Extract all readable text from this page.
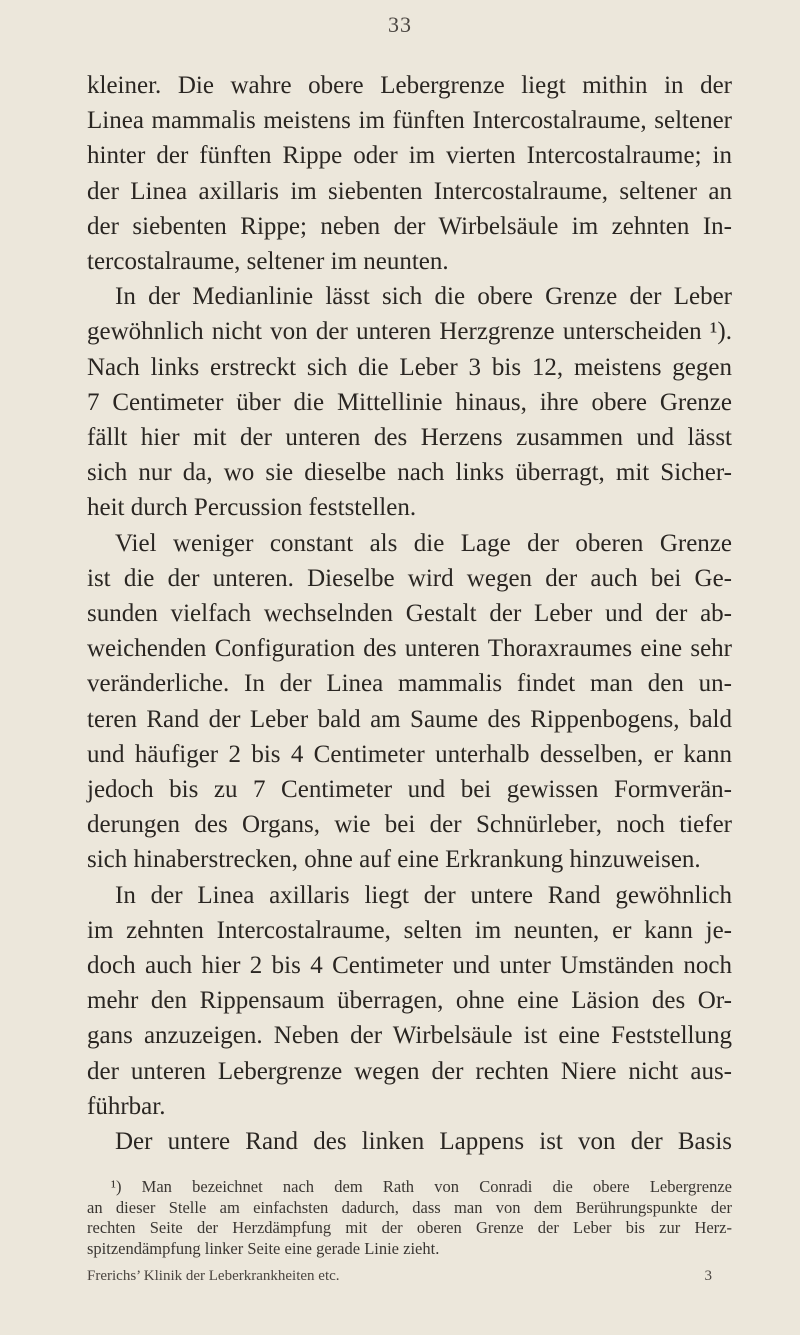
33
kleiner. Die wahre obere Lebergrenze liegt mithin in der
Linea mammalis meistens im fünften Intercostalraume, seltener
hinter der fünften Rippe oder im vierten Intercostalraume; in
der Linea axillaris im siebenten Intercostalraume, seltener an
der siebenten Rippe; neben der Wirbelsäule im zehnten In-
tercostalraume, seltener im neunten.
In der Medianlinie lässt sich die obere Grenze der Leber
gewöhnlich nicht von der unteren Herzgrenze unterscheiden ¹).
Nach links erstreckt sich die Leber 3 bis 12, meistens gegen
7 Centimeter über die Mittellinie hinaus, ihre obere Grenze
fällt hier mit der unteren des Herzens zusammen und lässt
sich nur da, wo sie dieselbe nach links überragt, mit Sicher-
heit durch Percussion feststellen.
Viel weniger constant als die Lage der oberen Grenze
ist die der unteren. Dieselbe wird wegen der auch bei Ge-
sunden vielfach wechselnden Gestalt der Leber und der ab-
weichenden Configuration des unteren Thoraxraumes eine sehr
veränderliche. In der Linea mammalis findet man den un-
teren Rand der Leber bald am Saume des Rippenbogens, bald
und häufiger 2 bis 4 Centimeter unterhalb desselben, er kann
jedoch bis zu 7 Centimeter und bei gewissen Formverän-
derungen des Organs, wie bei der Schnürleber, noch tiefer
sich hinaberstrecken, ohne auf eine Erkrankung hinzuweisen.
In der Linea axillaris liegt der untere Rand gewöhnlich
im zehnten Intercostalraume, selten im neunten, er kann je-
doch auch hier 2 bis 4 Centimeter und unter Umständen noch
mehr den Rippensaum überragen, ohne eine Läsion des Or-
gans anzuzeigen. Neben der Wirbelsäule ist eine Feststellung
der unteren Lebergrenze wegen der rechten Niere nicht aus-
führbar.
Der untere Rand des linken Lappens ist von der Basis
¹) Man bezeichnet nach dem Rath von Conradi die obere Lebergrenze
an dieser Stelle am einfachsten dadurch, dass man von dem Berührungspunkte der
rechten Seite der Herzdämpfung mit der oberen Grenze der Leber bis zur Herz-
spitzendämpfung linker Seite eine gerade Linie zieht.
Frerichs’ Klinik der Leberkrankheiten etc.	3
